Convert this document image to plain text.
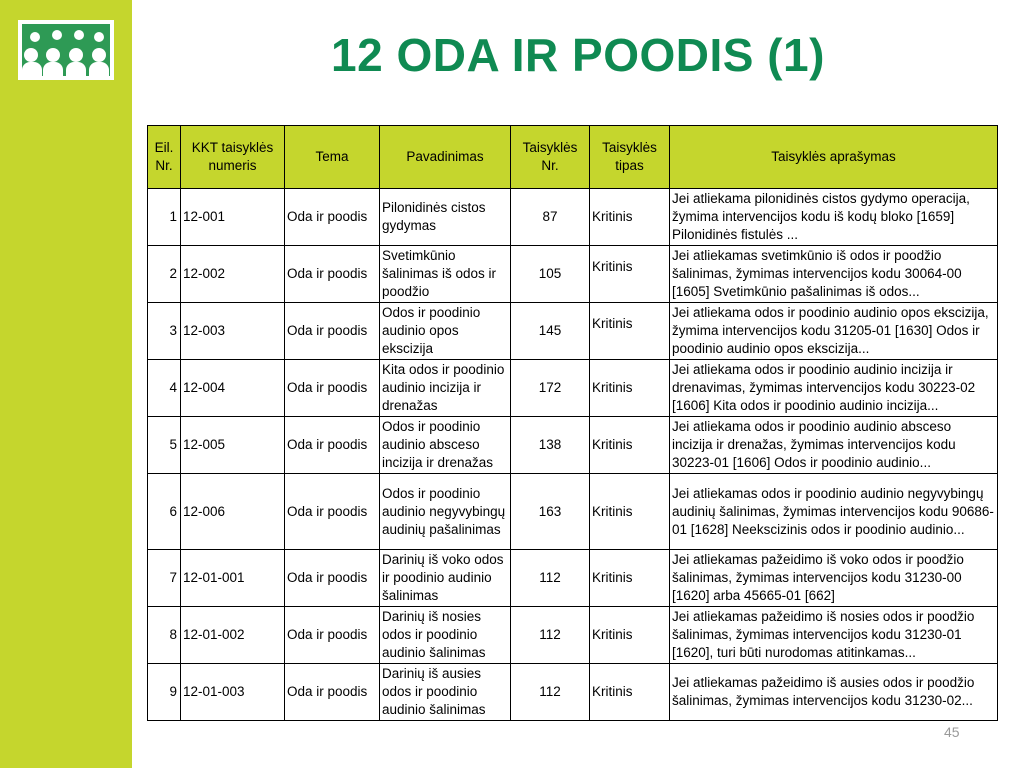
12 ODA IR POODIS (1)
Eil. Nr.	KKT taisyklės numeris	Tema	Pavadinimas	Taisyklės Nr.	Taisyklės tipas	Taisyklės aprašymas
1	12-001	Oda ir poodis	Pilonidinės cistos gydymas	87	Kritinis	Jei atliekama pilonidinės cistos gydymo operacija, žymima intervencijos kodu iš kodų bloko [1659] Pilonidinės fistulės ...
2	12-002	Oda ir poodis	Svetimkūnio šalinimas iš odos ir poodžio	105	Kritinis	Jei atliekamas svetimkūnio iš odos ir poodžio šalinimas, žymimas intervencijos kodu 30064-00 [1605] Svetimkūnio pašalinimas iš odos...
3	12-003	Oda ir poodis	Odos ir poodinio audinio opos ekscizija	145	Kritinis	Jei atliekama odos ir poodinio audinio opos ekscizija, žymima intervencijos kodu 31205-01 [1630] Odos ir poodinio audinio opos ekscizija...
4	12-004	Oda ir poodis	Kita odos ir poodinio audinio incizija ir drenažas	172	Kritinis	Jei atliekama odos ir poodinio audinio incizija ir drenavimas, žymimas intervencijos kodu 30223-02 [1606] Kita odos ir poodinio audinio incizija...
5	12-005	Oda ir poodis	Odos ir poodinio audinio absceso incizija ir drenažas	138	Kritinis	Jei atliekama odos ir poodinio audinio absceso incizija ir drenažas, žymimas intervencijos kodu 30223-01 [1606] Odos ir poodinio audinio...
6	12-006	Oda ir poodis	Odos ir poodinio audinio negyvybingų audinių pašalinimas	163	Kritinis	Jei atliekamas odos ir poodinio audinio negyvybingų audinių šalinimas, žymimas intervencijos kodu 90686-01 [1628] Neekscizinis odos ir poodinio audinio...
7	12-01-001	Oda ir poodis	Darinių iš voko odos ir poodinio audinio šalinimas	112	Kritinis	Jei atliekamas pažeidimo iš voko odos ir poodžio šalinimas, žymimas intervencijos kodu 31230-00 [1620] arba 45665-01 [662]
8	12-01-002	Oda ir poodis	Darinių iš nosies odos ir poodinio audinio šalinimas	112	Kritinis	Jei atliekamas pažeidimo iš nosies odos ir poodžio šalinimas, žymimas intervencijos kodu 31230-01 [1620], turi būti nurodomas atitinkamas...
9	12-01-003	Oda ir poodis	Darinių iš ausies odos ir poodinio audinio šalinimas	112	Kritinis	Jei atliekamas pažeidimo iš ausies odos ir poodžio šalinimas, žymimas intervencijos kodu 31230-02...
45
